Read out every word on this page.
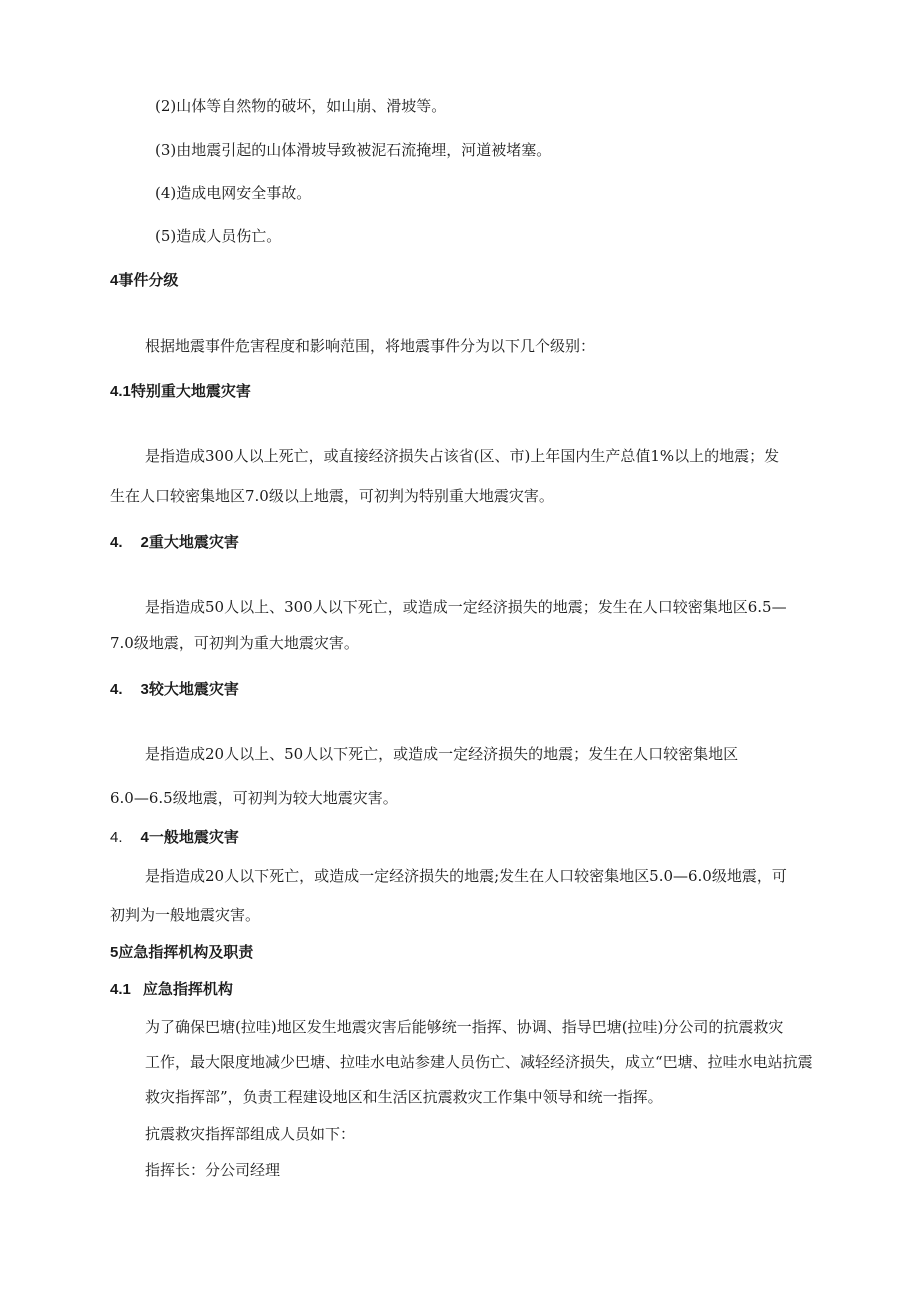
(2)山体等自然物的破坏，如山崩、滑坡等。
(3)由地震引起的山体滑坡导致被泥石流掩埋，河道被堵塞。
(4)造成电网安全事故。
(5)造成人员伤亡。
4事件分级
根据地震事件危害程度和影响范围，将地震事件分为以下几个级别：
4.1特别重大地震灾害
是指造成300人以上死亡，或直接经济损失占该省(区、市)上年国内生产总值1%以上的地震；发
生在人口较密集地区7.0级以上地震，可初判为特别重大地震灾害。
4. 2重大地震灾害
是指造成50人以上、300人以下死亡，或造成一定经济损失的地震；发生在人口较密集地区6.5—
7.0级地震，可初判为重大地震灾害。
4. 3较大地震灾害
是指造成20人以上、50人以下死亡，或造成一定经济损失的地震；发生在人口较密集地区
6.0—6.5级地震，可初判为较大地震灾害。
4. 4一般地震灾害
是指造成20人以下死亡，或造成一定经济损失的地震;发生在人口较密集地区5.0—6.0级地震，可
初判为一般地震灾害。
5应急指挥机构及职责
4.1 应急指挥机构
为了确保巴塘(拉哇)地区发生地震灾害后能够统一指挥、协调、指导巴塘(拉哇)分公司的抗震救灾
工作，最大限度地减少巴塘、拉哇水电站参建人员伤亡、减轻经济损失，成立“巴塘、拉哇水电站抗震
救灾指挥部”，负责工程建设地区和生活区抗震救灾工作集中领导和统一指挥。
抗震救灾指挥部组成人员如下：
指挥长：分公司经理
